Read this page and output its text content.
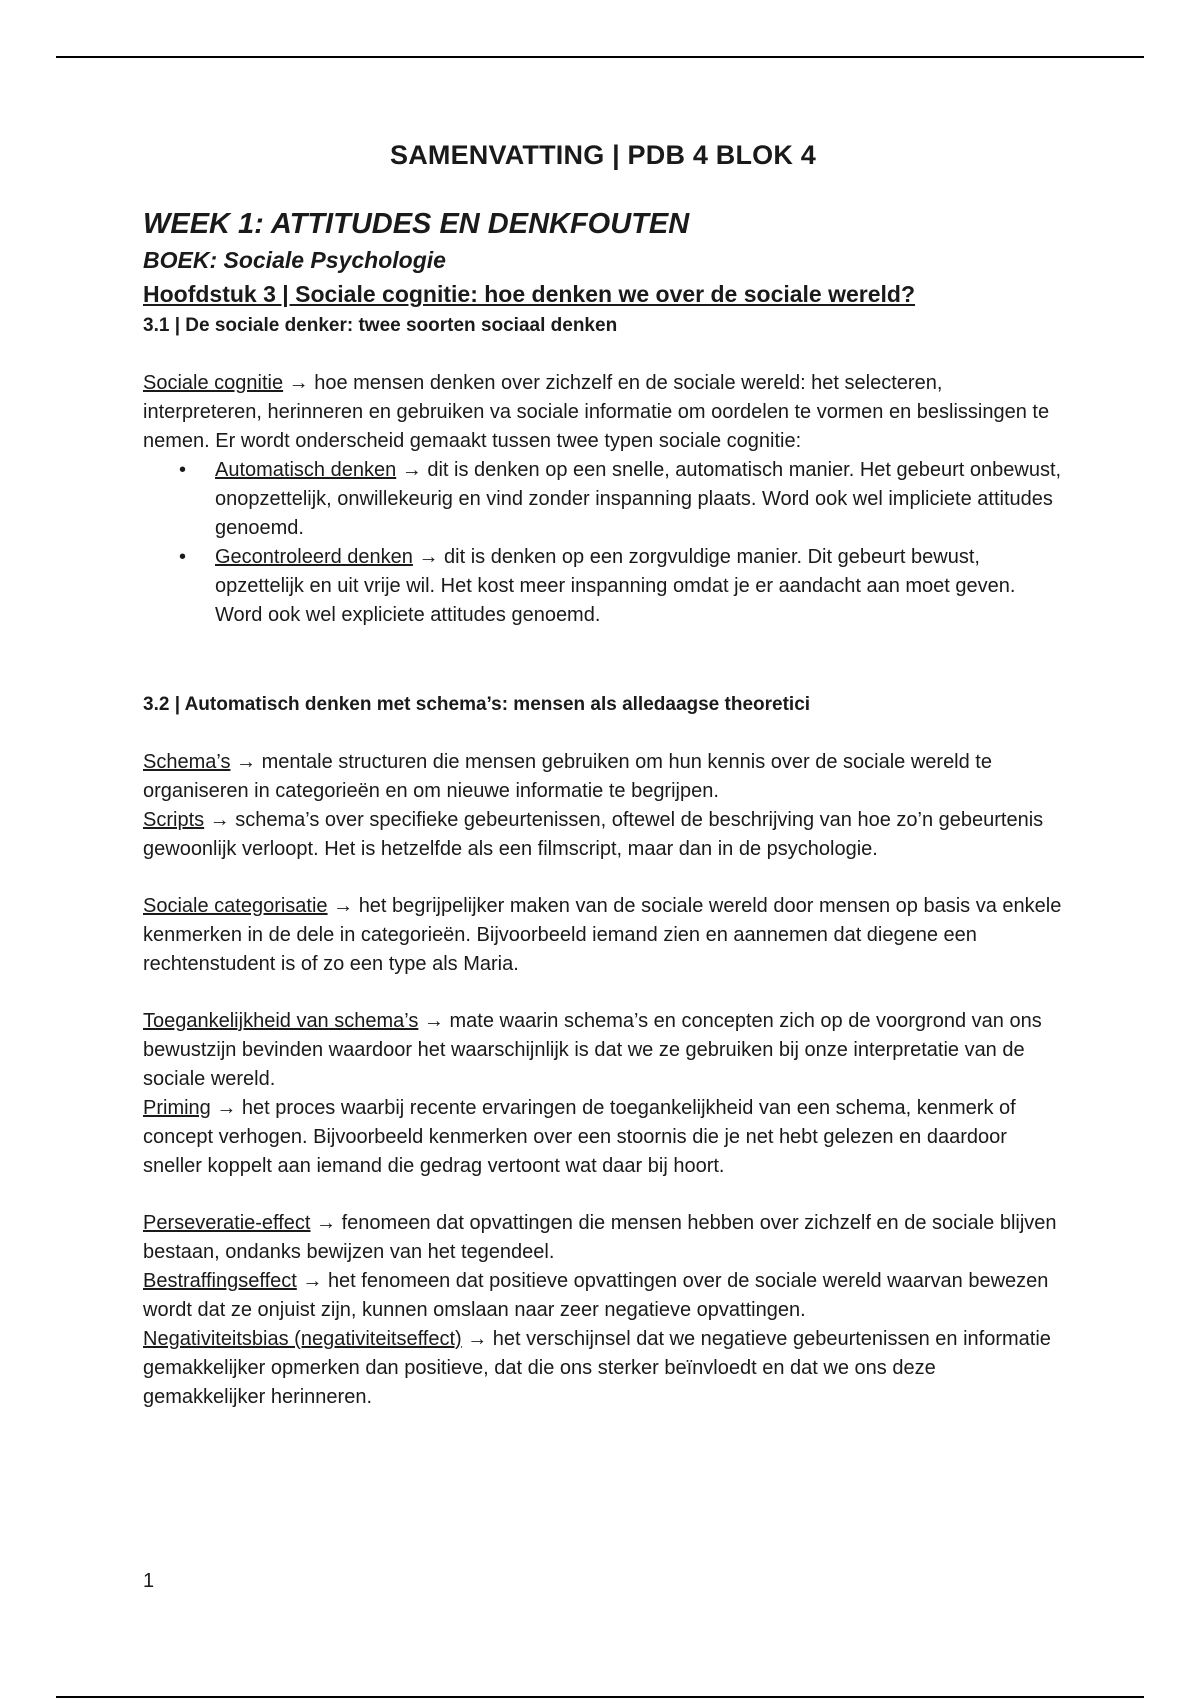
SAMENVATTING | PDB 4 BLOK 4
WEEK 1: ATTITUDES EN DENKFOUTEN
BOEK: Sociale Psychologie
Hoofdstuk 3 | Sociale cognitie: hoe denken we over de sociale wereld?
3.1 | De sociale denker: twee soorten sociaal denken

Sociale cognitie → hoe mensen denken over zichzelf en de sociale wereld: het selecteren, interpreteren, herinneren en gebruiken va sociale informatie om oordelen te vormen en beslissingen te nemen. Er wordt onderscheid gemaakt tussen twee typen sociale cognitie:

• Automatisch denken → dit is denken op een snelle, automatisch manier. Het gebeurt onbewust, onopzettelijk, onwillekeurig en vind zonder inspanning plaats. Word ook wel impliciete attitudes genoemd.
• Gecontroleerd denken → dit is denken op een zorgvuldige manier. Dit gebeurt bewust, opzettelijk en uit vrije wil. Het kost meer inspanning omdat je er aandacht aan moet geven. Word ook wel expliciete attitudes genoemd.
3.2 | Automatisch denken met schema’s: mensen als alledaagse theoretici

Schema’s → mentale structuren die mensen gebruiken om hun kennis over de sociale wereld te organiseren in categorieën en om nieuwe informatie te begrijpen.

Scripts → schema’s over specifieke gebeurtenissen, oftewel de beschrijving van hoe zo’n gebeurtenis gewoonlijk verloopt. Het is hetzelfde als een filmscript, maar dan in de psychologie.

Sociale categorisatie → het begrijpelijker maken van de sociale wereld door mensen op basis va enkele kenmerken in de dele in categorieën. Bijvoorbeeld iemand zien en aannemen dat diegene een rechtenstudent is of zo een type als Maria.

Toegankelijkheid van schema’s → mate waarin schema’s en concepten zich op de voorgrond van ons bewustzijn bevinden waardoor het waarschijnlijk is dat we ze gebruiken bij onze interpretatie van de sociale wereld.

Priming → het proces waarbij recente ervaringen de toegankelijkheid van een schema, kenmerk of concept verhogen. Bijvoorbeeld kenmerken over een stoornis die je net hebt gelezen en daardoor sneller koppelt aan iemand die gedrag vertoont wat daar bij hoort.

Perseveratie-effect → fenomeen dat opvattingen die mensen hebben over zichzelf en de sociale blijven bestaan, ondanks bewijzen van het tegendeel.

Bestraffingseffect → het fenomeen dat positieve opvattingen over de sociale wereld waarvan bewezen wordt dat ze onjuist zijn, kunnen omslaan naar zeer negatieve opvattingen.

Negativiteitsbias (negativiteitseffect) → het verschijnsel dat we negatieve gebeurtenissen en informatie gemakkelijker opmerken dan positieve, dat die ons sterker beïnvloedt en dat we ons deze gemakkelijker herinneren.

1
